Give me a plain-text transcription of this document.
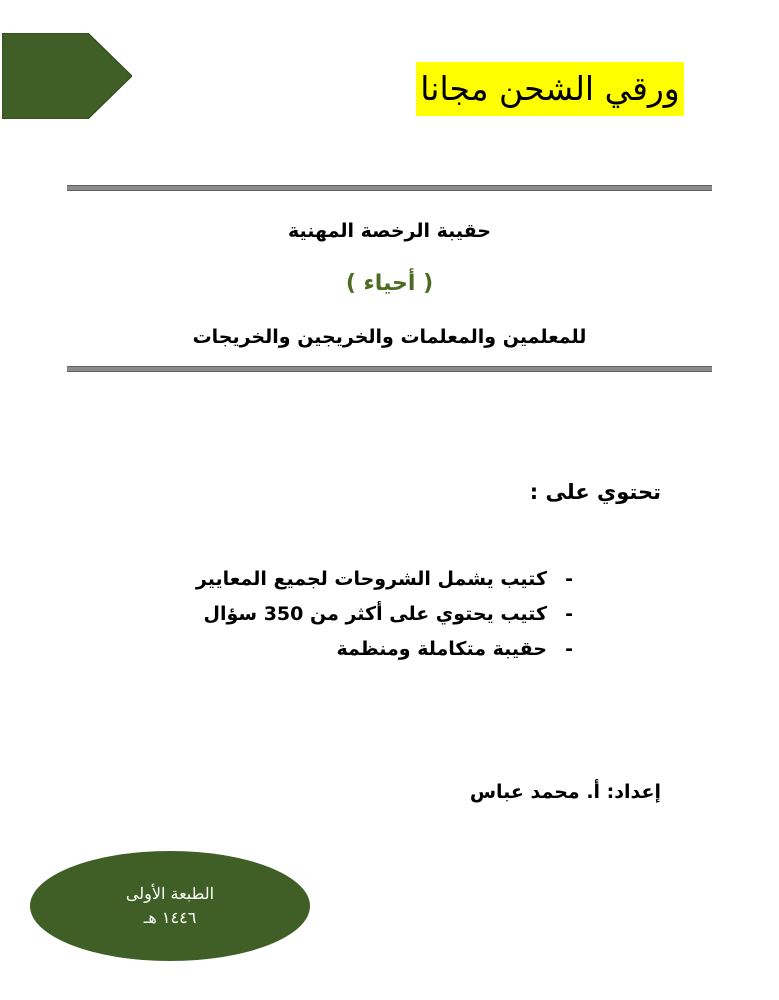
ورقي الشحن مجانا
حقيبة الرخصة المهنية
( أحياء )
للمعلمين والمعلمات والخريجين والخريجات
تحتوي على :
-كتيب يشمل الشروحات لجميع المعايير
-كتيب يحتوي على أكثر من 350 سؤال
-حقيبة متكاملة ومنظمة
إعداد: أ. محمد عباس
الطبعة الأولى
١٤٤٦ هـ
